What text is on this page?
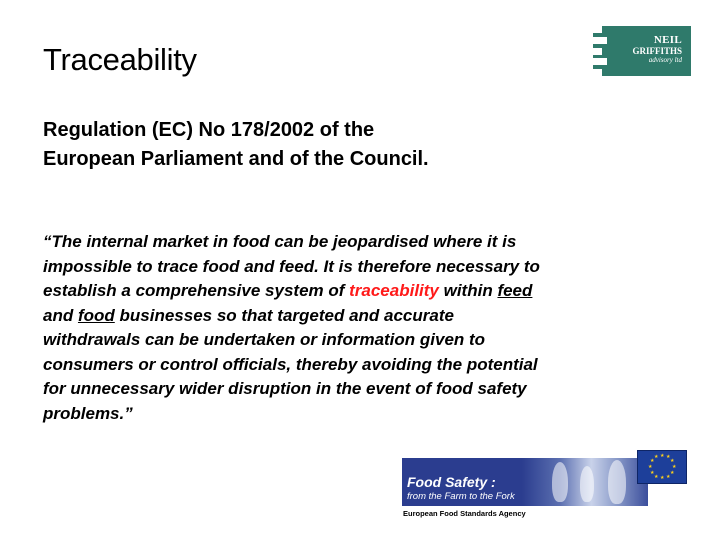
Traceability
NEIL
GRIFFITHS
advisory ltd
Regulation (EC) No 178/2002 of the
European Parliament and of the Council.
“The internal market in food can be jeopardised where it is
impossible to trace food and feed. It is therefore necessary to
establish a comprehensive system of traceability within feed
and food businesses so that targeted and accurate
withdrawals can be undertaken or information given to
consumers or control officials, thereby avoiding the potential
for unnecessary wider disruption in the event of food safety
problems.”
Food Safety :
from the Farm to the Fork
★ ★
★
★
★
★
★
★
★
★
★
★
European Food Standards Agency
